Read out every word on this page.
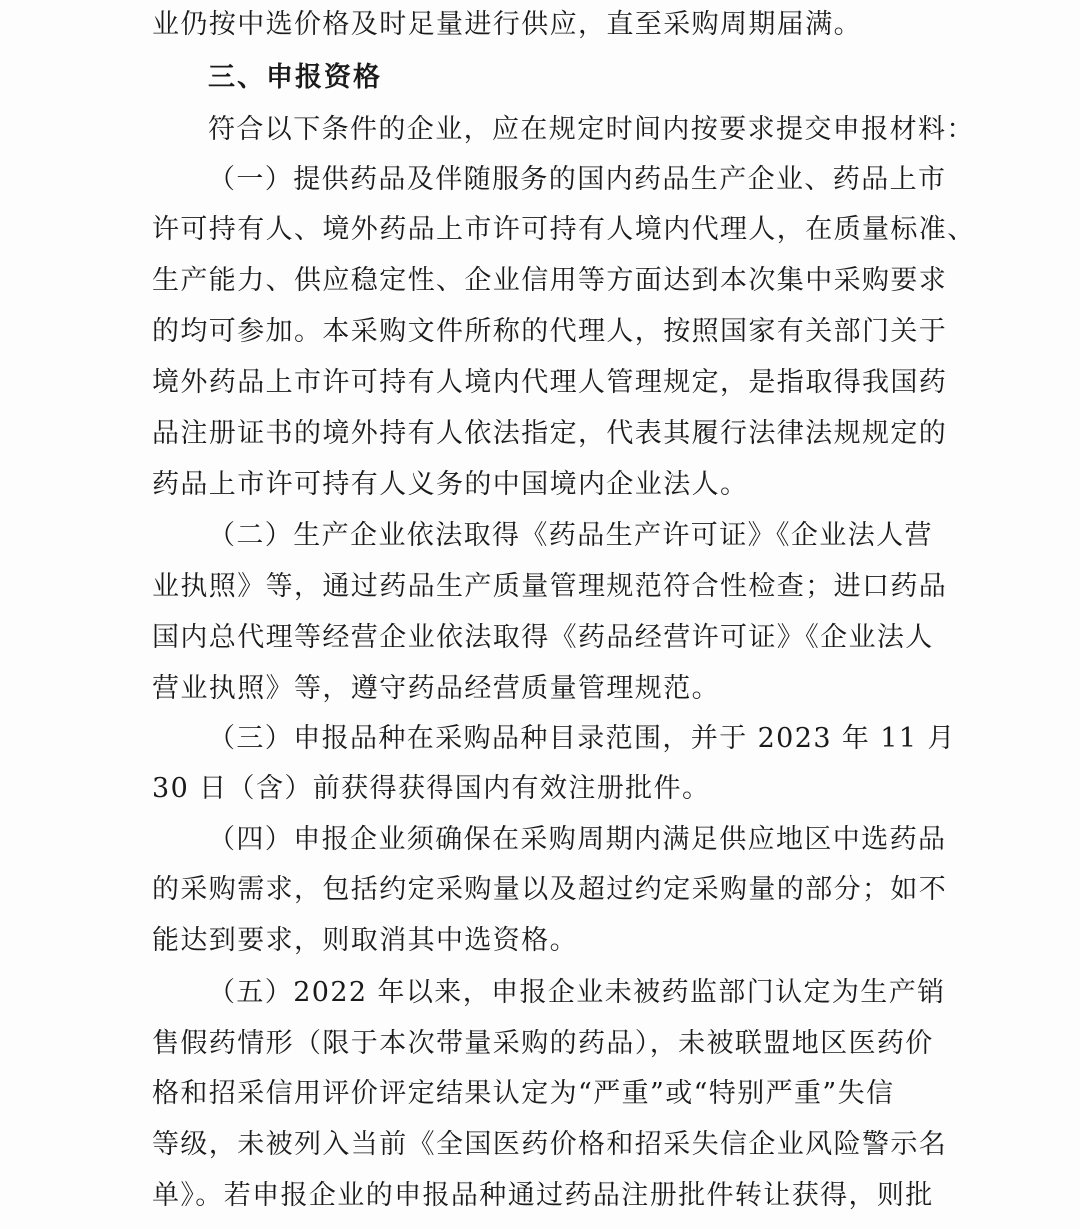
业仍按中选价格及时足量进行供应，直至采购周期届满。
三、申报资格
符合以下条件的企业，应在规定时间内按要求提交申报材料：
（一）提供药品及伴随服务的国内药品生产企业、药品上市
许可持有人、境外药品上市许可持有人境内代理人，在质量标准、
生产能力、供应稳定性、企业信用等方面达到本次集中采购要求
的均可参加。本采购文件所称的代理人，按照国家有关部门关于
境外药品上市许可持有人境内代理人管理规定，是指取得我国药
品注册证书的境外持有人依法指定，代表其履行法律法规规定的
药品上市许可持有人义务的中国境内企业法人。
（二）生产企业依法取得《药品生产许可证》《企业法人营
业执照》等，通过药品生产质量管理规范符合性检查；进口药品
国内总代理等经营企业依法取得《药品经营许可证》《企业法人
营业执照》等，遵守药品经营质量管理规范。
（三）申报品种在采购品种目录范围，并于 2023 年 11 月
30 日（含）前获得获得国内有效注册批件。
（四）申报企业须确保在采购周期内满足供应地区中选药品
的采购需求，包括约定采购量以及超过约定采购量的部分；如不
能达到要求，则取消其中选资格。
（五）2022 年以来，申报企业未被药监部门认定为生产销
售假药情形（限于本次带量采购的药品），未被联盟地区医药价
格和招采信用评价评定结果认定为“严重”或“特别严重”失信
等级，未被列入当前《全国医药价格和招采失信企业风险警示名
单》。若申报企业的申报品种通过药品注册批件转让获得，则批
